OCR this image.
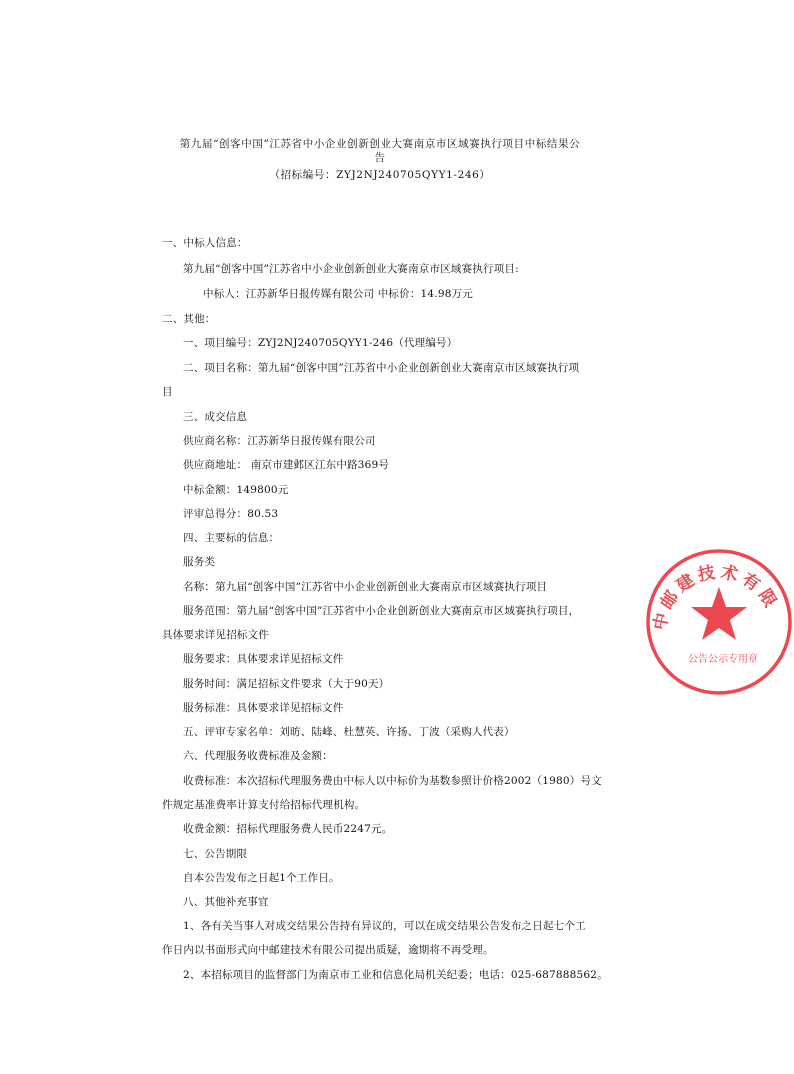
第九届“创客中国”江苏省中小企业创新创业大赛南京市区域赛执行项目中标结果公
告
（招标编号：ZYJ2NJ240705QYY1-246）
一、中标人信息：
第九届“创客中国”江苏省中小企业创新创业大赛南京市区域赛执行项目:
中标人：江苏新华日报传媒有限公司 中标价：14.98万元
二、其他：
一、项目编号：ZYJ2NJ240705QYY1-246（代理编号）
二、项目名称：第九届“创客中国”江苏省中小企业创新创业大赛南京市区域赛执行项
目
三、成交信息
供应商名称：江苏新华日报传媒有限公司
供应商地址： 南京市建邺区江东中路369号
中标金额：149800元
评审总得分：80.53
四、主要标的信息：
服务类
名称：第九届“创客中国”江苏省中小企业创新创业大赛南京市区域赛执行项目
服务范围：第九届“创客中国”江苏省中小企业创新创业大赛南京市区域赛执行项目，
具体要求详见招标文件
服务要求：具体要求详见招标文件
服务时间：满足招标文件要求（大于90天）
服务标准：具体要求详见招标文件
五、评审专家名单：刘昉、陆峰、杜慧英、许扬、丁波（采购人代表）
六、代理服务收费标准及金额：
收费标准：本次招标代理服务费由中标人以中标价为基数参照计价格2002（1980）号文
件规定基准费率计算支付给招标代理机构。
收费金额：招标代理服务费人民币2247元。
七、公告期限
自本公告发布之日起1个工作日。
八、其他补充事宜
1、各有关当事人对成交结果公告持有异议的，可以在成交结果公告发布之日起七个工
作日内以书面形式向中邮建技术有限公司提出质疑，逾期将不再受理。
2、本招标项目的监督部门为南京市工业和信息化局机关纪委；电话：025-687888562。
中邮建技术有限
公告公示专用章
